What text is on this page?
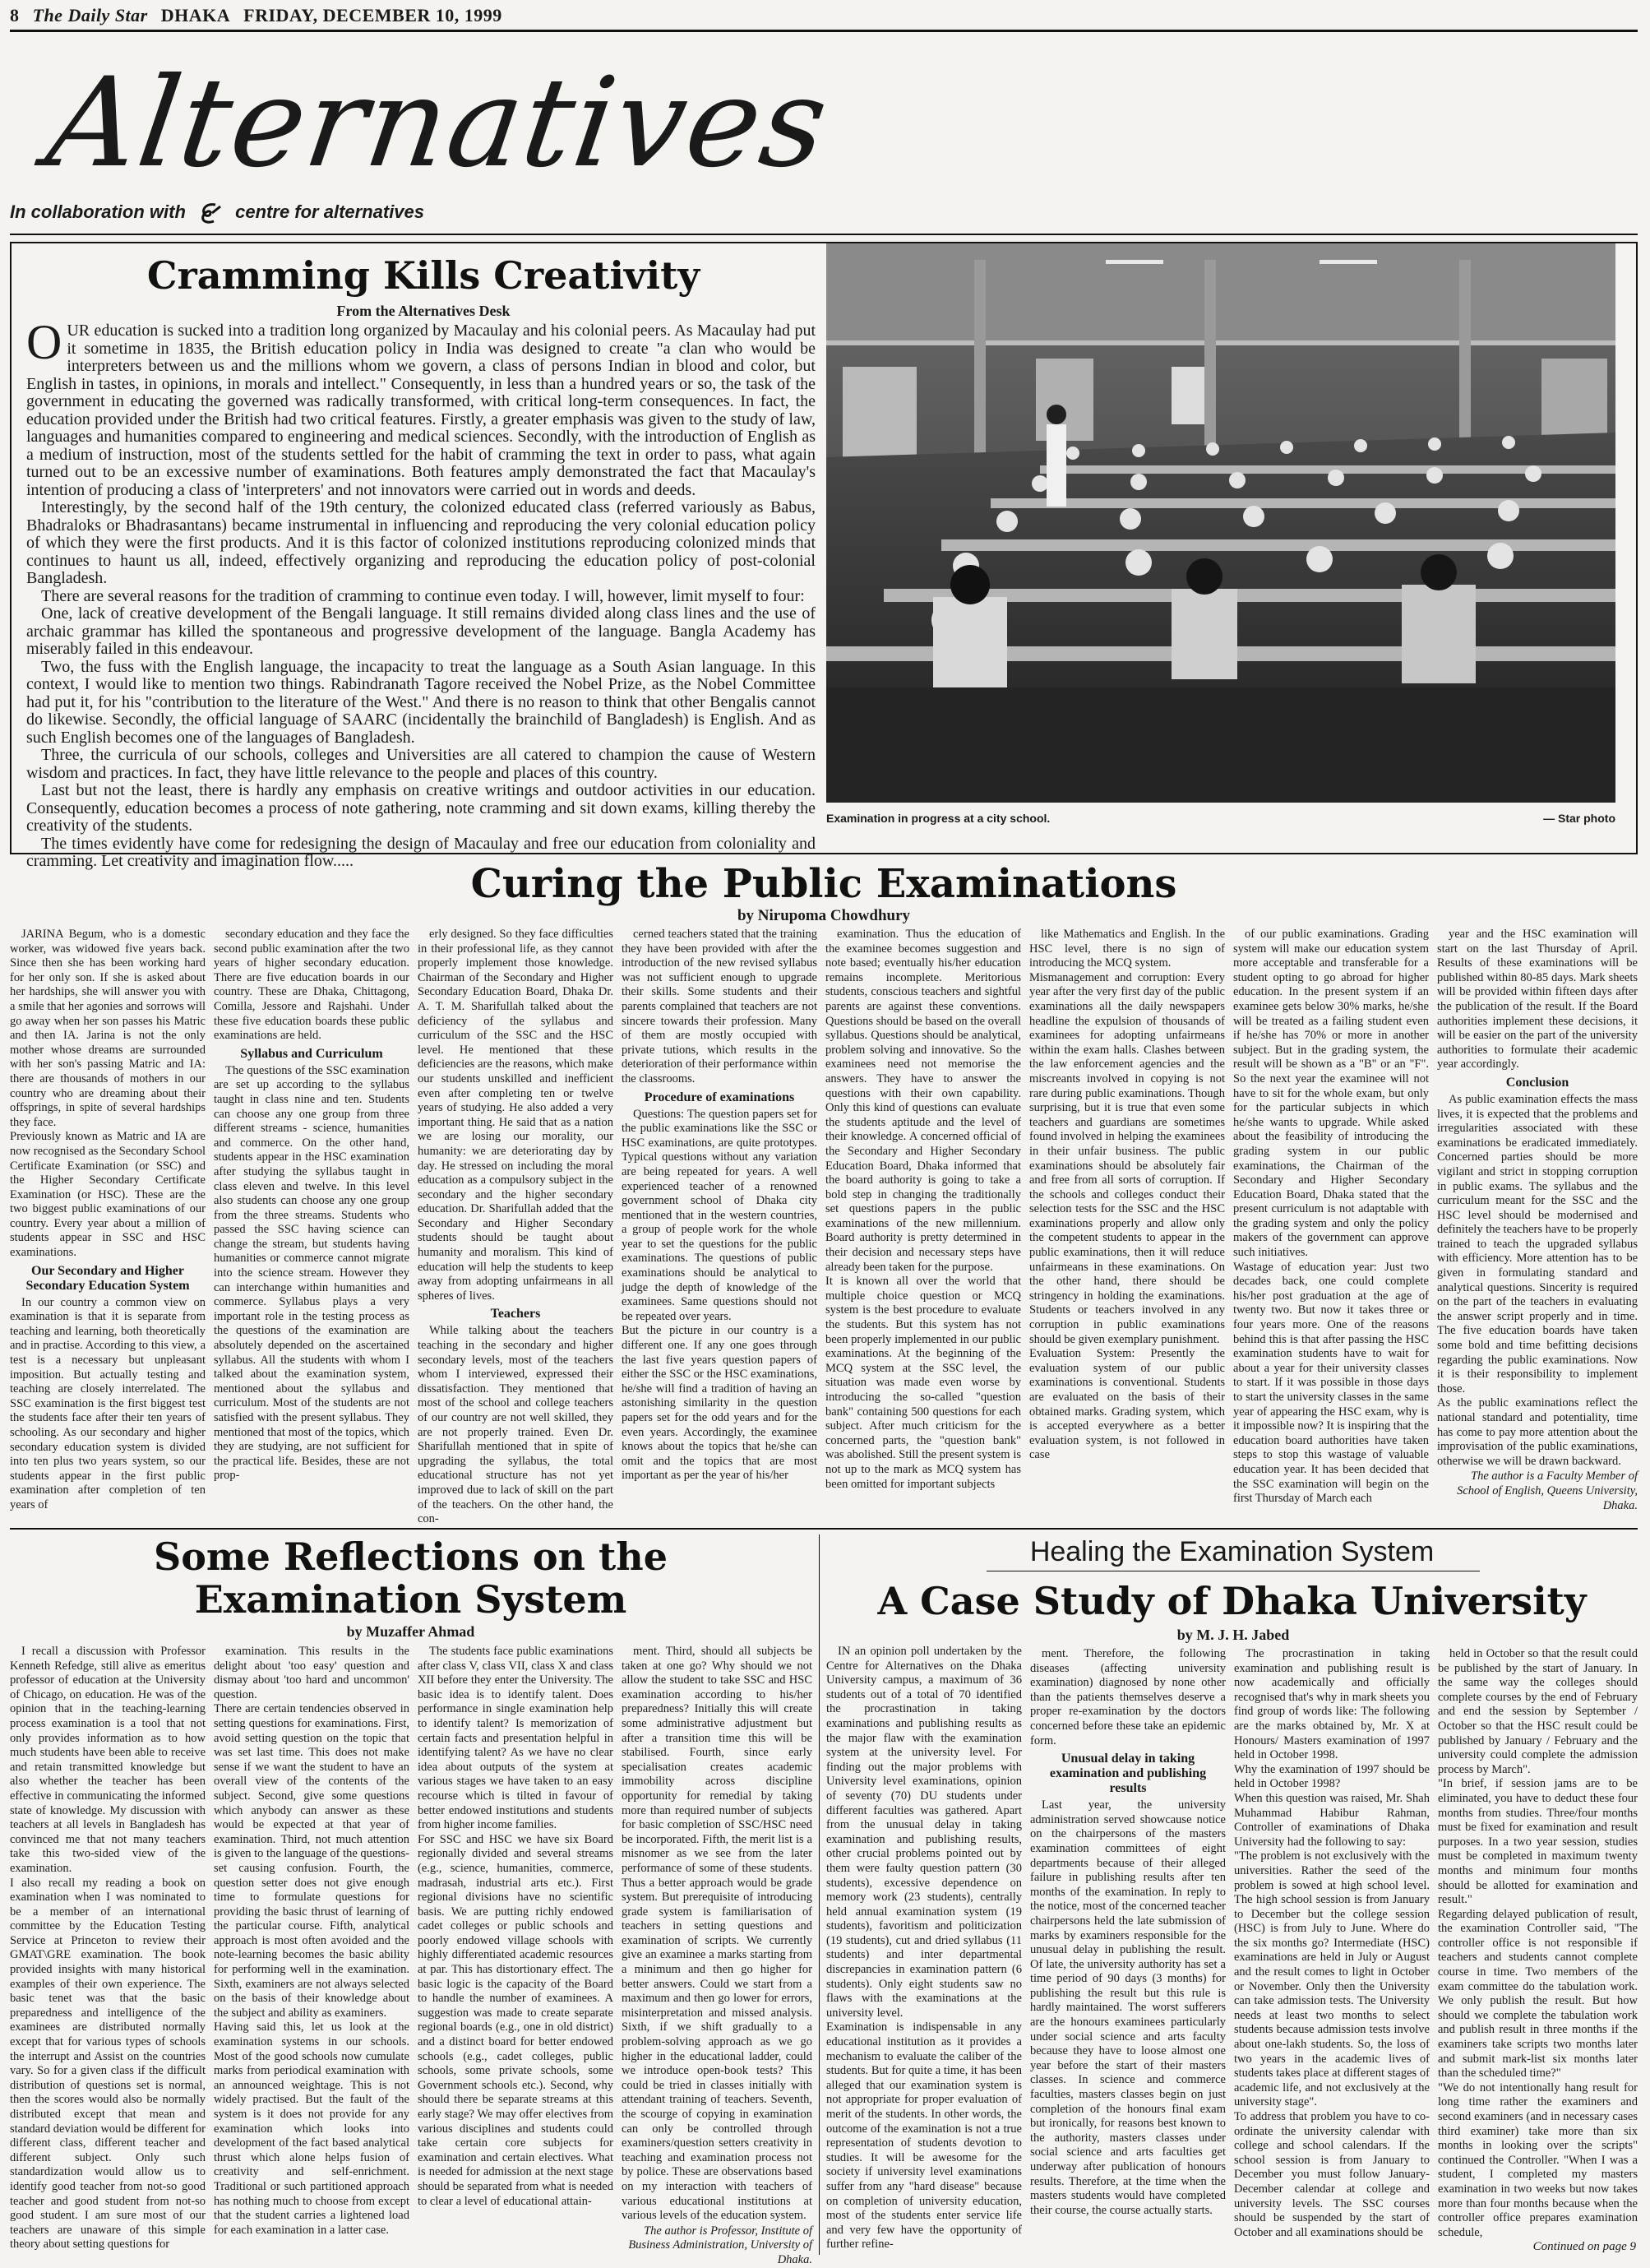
8 The Daily Star DHAKA FRIDAY, DECEMBER 10, 1999
Alternatives
In collaboration with	centre for alternatives
Cramming Kills Creativity
From the Alternatives Desk

OUR education is sucked into a tradition long organized by Macaulay and his colonial peers. As Macaulay had put it sometime in 1835, the British education policy in India was designed to create "a clan who would be interpreters between us and the millions whom we govern, a class of persons Indian in blood and color, but English in tastes, in opinions, in morals and intellect." Consequently, in less than a hundred years or so, the task of the government in educating the governed was radically transformed, with critical long-term consequences. In fact, the education provided under the British had two critical features. Firstly, a greater emphasis was given to the study of law, languages and humanities compared to engineering and medical sciences. Secondly, with the introduction of English as a medium of instruction, most of the students settled for the habit of cramming the text in order to pass, what again turned out to be an excessive number of examinations. Both features amply demonstrated the fact that Macaulay's intention of producing a class of 'interpreters' and not innovators were carried out in words and deeds.

Interestingly, by the second half of the 19th century, the colonized educated class (referred variously as Babus, Bhadraloks or Bhadrasantans) became instrumental in influencing and reproducing the very colonial education policy of which they were the first products. And it is this factor of colonized institutions reproducing colonized minds that continues to haunt us all, indeed, effectively organizing and reproducing the education policy of post-colonial Bangladesh.

There are several reasons for the tradition of cramming to continue even today. I will, however, limit myself to four:

One, lack of creative development of the Bengali language. It still remains divided along class lines and the use of archaic grammar has killed the spontaneous and progressive development of the language. Bangla Academy has miserably failed in this endeavour.

Two, the fuss with the English language, the incapacity to treat the language as a South Asian language. In this context, I would like to mention two things. Rabindranath Tagore received the Nobel Prize, as the Nobel Committee had put it, for his "contribution to the literature of the West." And there is no reason to think that other Bengalis cannot do likewise. Secondly, the official language of SAARC (incidentally the brainchild of Bangladesh) is English. And as such English becomes one of the languages of Bangladesh.

Three, the curricula of our schools, colleges and Universities are all catered to champion the cause of Western wisdom and practices. In fact, they have little relevance to the people and places of this country.

Last but not the least, there is hardly any emphasis on creative writings and outdoor activities in our education. Consequently, education becomes a process of note gathering, note cramming and sit down exams, killing thereby the creativity of the students.

The times evidently have come for redesigning the design of Macaulay and free our education from coloniality and cramming. Let creativity and imagination flow.....

Examination in progress at a city school.	— Star photo
Curing the Public Examinations
by Nirupoma Chowdhury

JARINA Begum, who is a domestic worker, was widowed five years back. Since then she has been working hard for her only son. If she is asked about her hardships, she will answer you with a smile that her agonies and sorrows will go away when her son passes his Matric and then IA. Jarina is not the only mother whose dreams are surrounded with her son's passing Matric and IA: there are thousands of mothers in our country who are dreaming about their offsprings, in spite of several hardships they face.
Previously known as Matric and IA are now recognised as the Secondary School Certificate Examination (or SSC) and the Higher Secondary Certificate Examination (or HSC). These are the two biggest public examinations of our country. Every year about a million of students appear in SSC and HSC examinations.

Our Secondary and Higher Secondary Education System

In our country a common view on examination is that it is separate from teaching and learning, both theoretically and in practise. According to this view, a test is a necessary but unpleasant imposition. But actually testing and teaching are closely interrelated. The SSC examination is the first biggest test the students face after their ten years of schooling. As our secondary and higher secondary education system is divided into ten plus two years system, so our students appear in the first public examination after completion of ten years of

secondary education and they face the second public examination after the two years of higher secondary education. There are five education boards in our country. These are Dhaka, Chittagong, Comilla, Jessore and Rajshahi. Under these five education boards these public examinations are held.

Syllabus and Curriculum

The questions of the SSC examination are set up according to the syllabus taught in class nine and ten. Students can choose any one group from three different streams - science, humanities and commerce. On the other hand, students appear in the HSC examination after studying the syllabus taught in class eleven and twelve. In this level also students can choose any one group from the three streams. Students who passed the SSC having science can change the stream, but students having humanities or commerce cannot migrate into the science stream. However they can interchange within humanities and commerce. Syllabus plays a very important role in the testing process as the questions of the examination are absolutely depended on the ascertained syllabus. All the students with whom I talked about the examination system, mentioned about the syllabus and curriculum. Most of the students are not satisfied with the present syllabus. They mentioned that most of the topics, which they are studying, are not sufficient for the practical life. Besides, these are not prop-

erly designed. So they face difficulties in their professional life, as they cannot properly implement those knowledge. Chairman of the Secondary and Higher Secondary Education Board, Dhaka Dr. A. T. M. Sharifullah talked about the deficiency of the syllabus and curriculum of the SSC and the HSC level. He mentioned that these deficiencies are the reasons, which make our students unskilled and inefficient even after completing ten or twelve years of studying. He also added a very important thing. He said that as a nation we are losing our morality, our humanity: we are deteriorating day by day. He stressed on including the moral education as a compulsory subject in the secondary and the higher secondary education. Dr. Sharifullah added that the Secondary and Higher Secondary students should be taught about humanity and moralism. This kind of education will help the students to keep away from adopting unfairmeans in all spheres of lives.

Teachers

While talking about the teachers teaching in the secondary and higher secondary levels, most of the teachers whom I interviewed, expressed their dissatisfaction. They mentioned that most of the school and college teachers of our country are not well skilled, they are not properly trained. Even Dr. Sharifullah mentioned that in spite of upgrading the syllabus, the total educational structure has not yet improved due to lack of skill on the part of the teachers. On the other hand, the con-

cerned teachers stated that the training they have been provided with after the introduction of the new revised syllabus was not sufficient enough to upgrade their skills. Some students and their parents complained that teachers are not sincere towards their profession. Many of them are mostly occupied with private tutions, which results in the deterioration of their performance within the classrooms.

Procedure of examinations

Questions: The question papers set for the public examinations like the SSC or HSC examinations, are quite prototypes. Typical questions without any variation are being repeated for years. A well experienced teacher of a renowned government school of Dhaka city mentioned that in the western countries, a group of people work for the whole year to set the questions for the public examinations. The questions of public examinations should be analytical to judge the depth of knowledge of the examinees. Same questions should not be repeated over years.
But the picture in our country is a different one. If any one goes through the last five years question papers of either the SSC or the HSC examinations, he/she will find a tradition of having an astonishing similarity in the question papers set for the odd years and for the even years. Accordingly, the examinee knows about the topics that he/she can omit and the topics that are most important as per the year of his/her

examination. Thus the education of the examinee becomes suggestion and note based; eventually his/her education remains incomplete. Meritorious students, conscious teachers and sightful parents are against these conventions. Questions should be based on the overall syllabus. Questions should be analytical, problem solving and innovative. So the examinees need not memorise the answers. They have to answer the questions with their own capability. Only this kind of questions can evaluate the students aptitude and the level of their knowledge. A concerned official of the Secondary and Higher Secondary Education Board, Dhaka informed that the board authority is going to take a bold step in changing the traditionally set questions papers in the public examinations of the new millennium. Board authority is pretty determined in their decision and necessary steps have already been taken for the purpose.
It is known all over the world that multiple choice question or MCQ system is the best procedure to evaluate the students. But this system has not been properly implemented in our public examinations. At the beginning of the MCQ system at the SSC level, the situation was made even worse by introducing the so-called "question bank" containing 500 questions for each subject. After much criticism for the concerned parts, the "question bank" was abolished. Still the present system is not up to the mark as MCQ system has been omitted for important subjects

like Mathematics and English. In the HSC level, there is no sign of introducing the MCQ system.
Mismanagement and corruption: Every year after the very first day of the public examinations all the daily newspapers headline the expulsion of thousands of examinees for adopting unfairmeans within the exam halls. Clashes between the law enforcement agencies and the miscreants involved in copying is not rare during public examinations. Though surprising, but it is true that even some teachers and guardians are sometimes found involved in helping the examinees in their unfair business. The public examinations should be absolutely fair and free from all sorts of corruption. If the schools and colleges conduct their selection tests for the SSC and the HSC examinations properly and allow only the competent students to appear in the public examinations, then it will reduce unfairmeans in these examinations. On the other hand, there should be stringency in holding the examinations. Students or teachers involved in any corruption in public examinations should be given exemplary punishment.
Evaluation System: Presently the evaluation system of our public examinations is conventional. Students are evaluated on the basis of their obtained marks. Grading system, which is accepted everywhere as a better evaluation system, is not followed in case

of our public examinations. Grading system will make our education system more acceptable and transferable for a student opting to go abroad for higher education. In the present system if an examinee gets below 30% marks, he/she will be treated as a failing student even if he/she has 70% or more in another subject. But in the grading system, the result will be shown as a "B" or an "F". So the next year the examinee will not have to sit for the whole exam, but only for the particular subjects in which he/she wants to upgrade. While asked about the feasibility of introducing the grading system in our public examinations, the Chairman of the Secondary and Higher Secondary Education Board, Dhaka stated that the present curriculum is not adaptable with the grading system and only the policy makers of the government can approve such initiatives.
Wastage of education year: Just two decades back, one could complete his/her post graduation at the age of twenty two. But now it takes three or four years more. One of the reasons behind this is that after passing the HSC examination students have to wait for about a year for their university classes to start. If it was possible in those days to start the university classes in the same year of appearing the HSC exam, why is it impossible now? It is inspiring that the education board authorities have taken steps to stop this wastage of valuable education year. It has been decided that the SSC examination will begin on the first Thursday of March each

year and the HSC examination will start on the last Thursday of April. Results of these examinations will be published within 80-85 days. Mark sheets will be provided within fifteen days after the publication of the result. If the Board authorities implement these decisions, it will be easier on the part of the university authorities to formulate their academic year accordingly.

Conclusion

As public examination effects the mass lives, it is expected that the problems and irregularities associated with these examinations be eradicated immediately. Concerned parties should be more vigilant and strict in stopping corruption in public exams. The syllabus and the curriculum meant for the SSC and the HSC level should be modernised and definitely the teachers have to be properly trained to teach the upgraded syllabus with efficiency. More attention has to be given in formulating standard and analytical questions. Sincerity is required on the part of the teachers in evaluating the answer script properly and in time. The five education boards have taken some bold and time befitting decisions regarding the public examinations. Now it is their responsibility to implement those.
As the public examinations reflect the national standard and potentiality, time has come to pay more attention about the improvisation of the public examinations, otherwise we will be drawn backward.

The author is a Faculty Member of School of English, Queens University, Dhaka.

Some Reflections on the
Examination System
by Muzaffer Ahmad

I recall a discussion with Professor Kenneth Refedge, still alive as emeritus professor of education at the University of Chicago, on education. He was of the opinion that in the teaching-learning process examination is a tool that not only provides information as to how much students have been able to receive and retain transmitted knowledge but also whether the teacher has been effective in communicating the informed state of knowledge. My discussion with teachers at all levels in Bangladesh has convinced me that not many teachers take this two-sided view of the examination.
I also recall my reading a book on examination when I was nominated to be a member of an international committee by the Education Testing Service at Princeton to review their GMAT\GRE examination. The book provided insights with many historical examples of their own experience. The basic tenet was that the basic preparedness and intelligence of the examinees are distributed normally except that for various types of schools the interrupt and Assist on the countries vary. So for a given class if the difficult distribution of questions set is normal, then the scores would also be normally distributed except that mean and standard deviation would be different for different class, different teacher and different subject. Only such standardization would allow us to identify good teacher from not-so good teacher and good student from not-so good student. I am sure most of our teachers are unaware of this simple theory about setting questions for

examination. This results in the delight about 'too easy' question and dismay about 'too hard and uncommon' question.
There are certain tendencies observed in setting questions for examinations. First, avoid setting question on the topic that was set last time. This does not make sense if we want the student to have an overall view of the contents of the subject. Second, give some questions which anybody can answer as these would be expected at that year of examination. Third, not much attention is given to the language of the questions-set causing confusion. Fourth, the question setter does not give enough time to formulate questions for providing the basic thrust of learning of the particular course. Fifth, analytical approach is most often avoided and the note-learning becomes the basic ability for performing well in the examination. Sixth, examiners are not always selected on the basis of their knowledge about the subject and ability as examiners.
Having said this, let us look at the examination systems in our schools. Most of the good schools now cumulate marks from periodical examination with an announced weightage. This is not widely practised. But the fault of the system is it does not provide for any examination which looks into development of the fact based analytical thrust which alone helps fusion of creativity and self-enrichment. Traditional or such partitioned approach has nothing much to choose from except that the student carries a lightened load for each examination in a latter case.

The students face public examinations after class V, class VII, class X and class XII before they enter the University. The basic idea is to identify talent. Does performance in single examination help to identify talent? Is memorization of certain facts and presentation helpful in identifying talent? As we have no clear idea about outputs of the system at various stages we have taken to an easy recourse which is tilted in favour of better endowed institutions and students from higher income families.
For SSC and HSC we have six Board regionally divided and several streams (e.g., science, humanities, commerce, madrasah, industrial arts etc.). First regional divisions have no scientific basis. We are putting richly endowed cadet colleges or public schools and poorly endowed village schools with highly differentiated academic resources at par. This has distortionary effect. The basic logic is the capacity of the Board to handle the number of examinees. A suggestion was made to create separate regional boards (e.g., one in old district) and a distinct board for better endowed schools (e.g., cadet colleges, public schools, some private schools, some Government schools etc.). Second, why should there be separate streams at this early stage? We may offer electives from various disciplines and students could take certain core subjects for examination and certain electives. What is needed for admission at the next stage should be separated from what is needed to clear a level of educational attain-

ment. Third, should all subjects be taken at one go? Why should we not allow the student to take SSC and HSC examination according to his/her preparedness? Initially this will create some administrative adjustment but after a transition time this will be stabilised. Fourth, since early specialisation creates academic immobility across discipline opportunity for remedial by taking more than required number of subjects for basic completion of SSC/HSC need be incorporated. Fifth, the merit list is a misnomer as we see from the later performance of some of these students. Thus a better approach would be grade system. But prerequisite of introducing grade system is familiarisation of teachers in setting questions and examination of scripts. We currently give an examinee a marks starting from a minimum and then go higher for better answers. Could we start from a maximum and then go lower for errors, misinterpretation and missed analysis. Sixth, if we shift gradually to a problem-solving approach as we go higher in the educational ladder, could we introduce open-book tests? This could be tried in classes initially with attendant training of teachers. Seventh, the scourge of copying in examination can only be controlled through examiners/question setters creativity in teaching and examination process not by police. These are observations based on my interaction with teachers of various educational institutions at various levels of the education system.

The author is Professor, Institute of Business Administration, University of Dhaka.

Healing the Examination System
A Case Study of Dhaka University
by M. J. H. Jabed

IN an opinion poll undertaken by the Centre for Alternatives on the Dhaka University campus, a maximum of 36 students out of a total of 70 identified the procrastination in taking examinations and publishing results as the major flaw with the examination system at the university level. For finding out the major problems with University level examinations, opinion of seventy (70) DU students under different faculties was gathered. Apart from the unusual delay in taking examination and publishing results, other crucial problems pointed out by them were faulty question pattern (30 students), excessive dependence on memory work (23 students), centrally held annual examination system (19 students), favoritism and politicization (19 students), cut and dried syllabus (11 students) and inter departmental discrepancies in examination pattern (6 students). Only eight students saw no flaws with the examinations at the university level.
Examination is indispensable in any educational institution as it provides a mechanism to evaluate the caliber of the students. But for quite a time, it has been alleged that our examination system is not appropriate for proper evaluation of merit of the students. In other words, the outcome of the examination is not a true representation of students devotion to studies. It will be awesome for the society if university level examinations suffer from any "hard disease" because on completion of university education, most of the students enter service life and very few have the opportunity of further refine-

ment. Therefore, the following diseases (affecting university examination) diagnosed by none other than the patients themselves deserve a proper re-examination by the doctors concerned before these take an epidemic form.

Unusual delay in taking examination and publishing results

Last year, the university administration served showcause notice on the chairpersons of the masters examination committees of eight departments because of their alleged failure in publishing results after ten months of the examination. In reply to the notice, most of the concerned teacher chairpersons held the late submission of marks by examiners responsible for the unusual delay in publishing the result. Of late, the university authority has set a time period of 90 days (3 months) for publishing the result but this rule is hardly maintained. The worst sufferers are the honours examinees particularly under social science and arts faculty because they have to loose almost one year before the start of their masters classes. In science and commerce faculties, masters classes begin on just completion of the honours final exam but ironically, for reasons best known to the authority, masters classes under social science and arts faculties get underway after publication of honours results. Therefore, at the time when the masters students would have completed their course, the course actually starts.

The procrastination in taking examination and publishing result is now academically and officially recognised that's why in mark sheets you find group of words like: The following are the marks obtained by, Mr. X at Honours/ Masters examination of 1997 held in October 1998.
Why the examination of 1997 should be held in October 1998?
When this question was raised, Mr. Shah Muhammad Habibur Rahman, Controller of examinations of Dhaka University had the following to say:
"The problem is not exclusively with the universities. Rather the seed of the problem is sowed at high school level. The high school session is from January to December but the college session (HSC) is from July to June. Where do the six months go? Intermediate (HSC) examinations are held in July or August and the result comes to light in October or November. Only then the University can take admission tests. The University needs at least two months to select students because admission tests involve about one-lakh students. So, the loss of two years in the academic lives of students takes place at different stages of academic life, and not exclusively at the university stage".
To address that problem you have to co-ordinate the university calendar with college and school calendars. If the school session is from January to December you must follow January-December calendar at college and university levels. The SSC courses should be suspended by the start of October and all examinations should be

held in October so that the result could be published by the start of January. In the same way the colleges should complete courses by the end of February and end the session by September / October so that the HSC result could be published by January / February and the university could complete the admission process by March".
"In brief, if session jams are to be eliminated, you have to deduct these four months from studies. Three/four months must be fixed for examination and result purposes. In a two year session, studies must be completed in maximum twenty months and minimum four months should be allotted for examination and result."
Regarding delayed publication of result, the examination Controller said, "The controller office is not responsible if teachers and students cannot complete course in time. Two members of the exam committee do the tabulation work. We only publish the result. But how should we complete the tabulation work and publish result in three months if the examiners take scripts two months later and submit mark-list six months later than the scheduled time?"
"We do not intentionally hang result for long time rather the examiners and second examiners (and in necessary cases third examiner) take more than six months in looking over the scripts" continued the Controller. "When I was a student, I completed my masters examination in two weeks but now takes more than four months because when the controller office prepares examination schedule,

Continued on page 9
